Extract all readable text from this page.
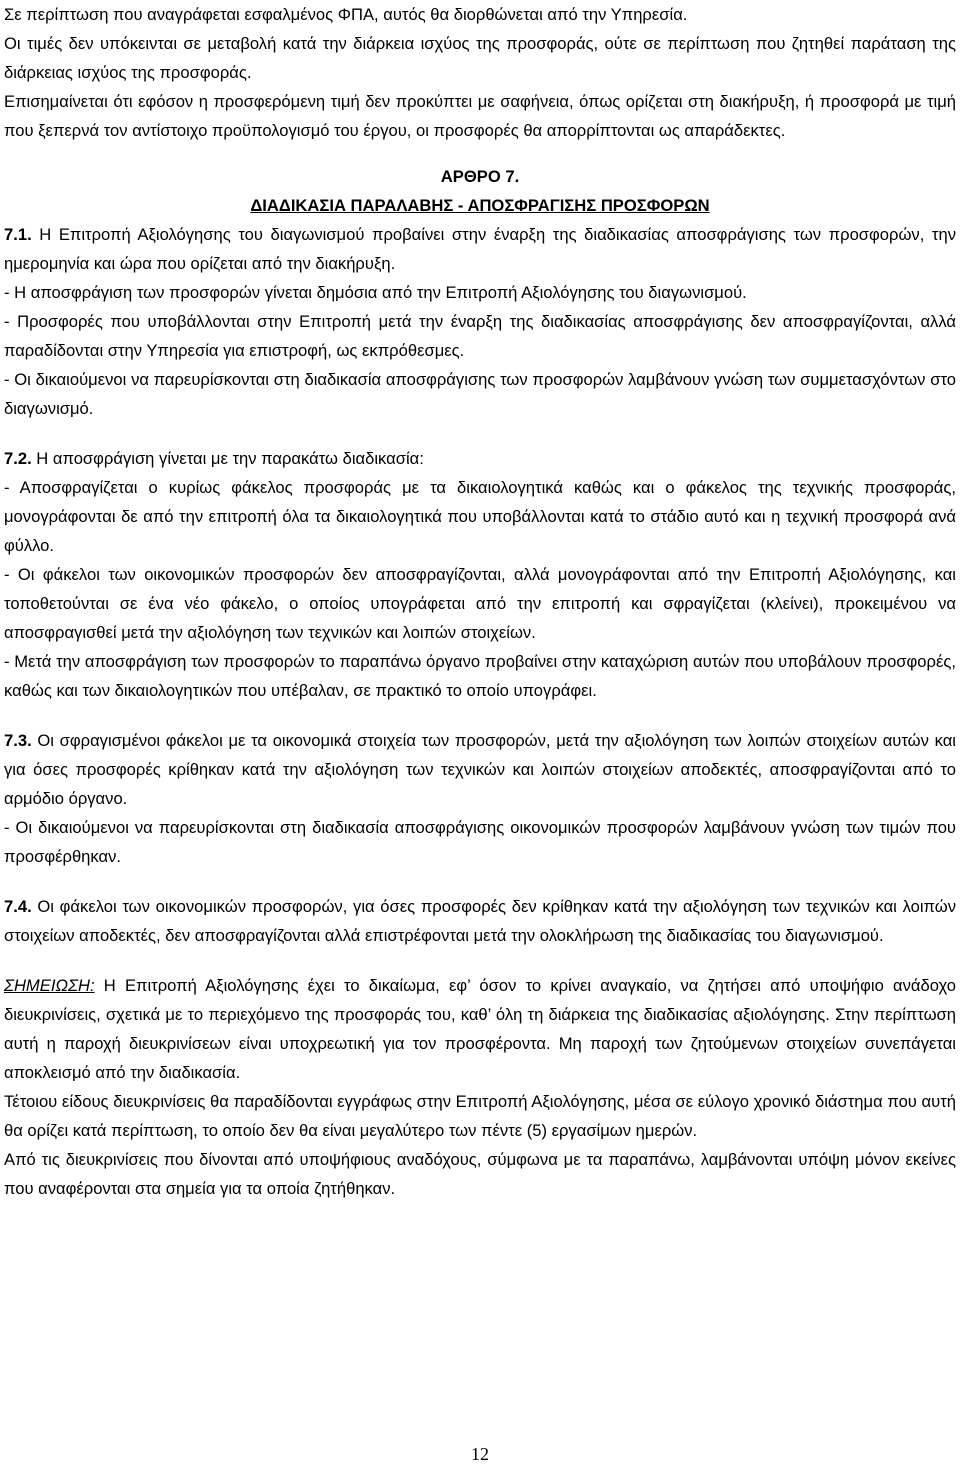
Σε περίπτωση που αναγράφεται εσφαλμένος ΦΠΑ, αυτός θα διορθώνεται από την Υπηρεσία.

Οι τιμές δεν υπόκεινται σε μεταβολή κατά την διάρκεια ισχύος της προσφοράς, ούτε σε περίπτωση που ζητηθεί παράταση της διάρκειας ισχύος της προσφοράς.

Επισημαίνεται ότι εφόσον η προσφερόμενη τιμή δεν προκύπτει με σαφήνεια, όπως ορίζεται στη διακήρυξη, ή προσφορά με τιμή που ξεπερνά τον αντίστοιχο προϋπολογισμό του έργου, οι προσφορές θα απορρίπτονται ως απαράδεκτες.

ΑΡΘΡΟ 7.

ΔΙΑΔΙΚΑΣΙΑ ΠΑΡΑΛΑΒΗΣ - ΑΠΟΣΦΡΑΓΙΣΗΣ ΠΡΟΣΦΟΡΩΝ

7.1. Η Επιτροπή Αξιολόγησης του διαγωνισμού προβαίνει στην έναρξη της διαδικασίας αποσφράγισης των προσφορών, την ημερομηνία και ώρα που ορίζεται από την διακήρυξη.

- Η αποσφράγιση των προσφορών γίνεται δημόσια από την Επιτροπή Αξιολόγησης του διαγωνισμού.

- Προσφορές που υποβάλλονται στην Επιτροπή μετά την έναρξη της διαδικασίας αποσφράγισης δεν αποσφραγίζονται, αλλά παραδίδονται στην Υπηρεσία για επιστροφή, ως εκπρόθεσμες.

- Οι δικαιούμενοι να παρευρίσκονται στη διαδικασία αποσφράγισης των προσφορών λαμβάνουν γνώση των συμμετασχόντων στο διαγωνισμό.

7.2. Η αποσφράγιση γίνεται με την παρακάτω διαδικασία:

- Αποσφραγίζεται ο κυρίως φάκελος προσφοράς με τα δικαιολογητικά καθώς και ο φάκελος της τεχνικής προσφοράς, μονογράφονται δε από την επιτροπή όλα τα δικαιολογητικά που υποβάλλονται κατά το στάδιο αυτό και η τεχνική προσφορά ανά φύλλο.

- Οι φάκελοι των οικονομικών προσφορών δεν αποσφραγίζονται, αλλά μονογράφονται από την Επιτροπή Αξιολόγησης, και τοποθετούνται σε ένα νέο φάκελο, ο οποίος υπογράφεται από την επιτροπή και σφραγίζεται (κλείνει), προκειμένου να αποσφραγισθεί μετά την αξιολόγηση των τεχνικών και λοιπών στοιχείων.

- Μετά την αποσφράγιση των προσφορών το παραπάνω όργανο προβαίνει στην καταχώριση αυτών που υποβάλουν προσφορές, καθώς και των δικαιολογητικών που υπέβαλαν, σε πρακτικό το οποίο υπογράφει.

7.3. Οι σφραγισμένοι φάκελοι με τα οικονομικά στοιχεία των προσφορών, μετά την αξιολόγηση των λοιπών στοιχείων αυτών και για όσες προσφορές κρίθηκαν κατά την αξιολόγηση των τεχνικών και λοιπών στοιχείων αποδεκτές, αποσφραγίζονται από το αρμόδιο όργανο.

- Οι δικαιούμενοι να παρευρίσκονται στη διαδικασία αποσφράγισης οικονομικών προσφορών λαμβάνουν γνώση των τιμών που προσφέρθηκαν.

7.4. Οι φάκελοι των οικονομικών προσφορών, για όσες προσφορές δεν κρίθηκαν κατά την αξιολόγηση των τεχνικών και λοιπών στοιχείων αποδεκτές, δεν αποσφραγίζονται αλλά επιστρέφονται μετά την ολοκλήρωση της διαδικασίας του διαγωνισμού.

ΣΗΜΕΙΩΣΗ: Η Επιτροπή Αξιολόγησης έχει το δικαίωμα, εφ’ όσον το κρίνει αναγκαίο, να ζητήσει από υποψήφιο ανάδοχο διευκρινίσεις, σχετικά με το περιεχόμενο της προσφοράς του, καθ’ όλη τη διάρκεια της διαδικασίας αξιολόγησης. Στην περίπτωση αυτή η παροχή διευκρινίσεων είναι υποχρεωτική για τον προσφέροντα. Μη παροχή των ζητούμενων στοιχείων συνεπάγεται αποκλεισμό από την διαδικασία.

Τέτοιου είδους διευκρινίσεις θα παραδίδονται εγγράφως στην Επιτροπή Αξιολόγησης, μέσα σε εύλογο χρονικό διάστημα που αυτή θα ορίζει κατά περίπτωση, το οποίο δεν θα είναι μεγαλύτερο των πέντε (5) εργασίμων ημερών.

Από τις διευκρινίσεις που δίνονται από υποψήφιους αναδόχους, σύμφωνα με τα παραπάνω, λαμβάνονται υπόψη μόνον εκείνες που αναφέρονται στα σημεία για τα οποία ζητήθηκαν.

12
